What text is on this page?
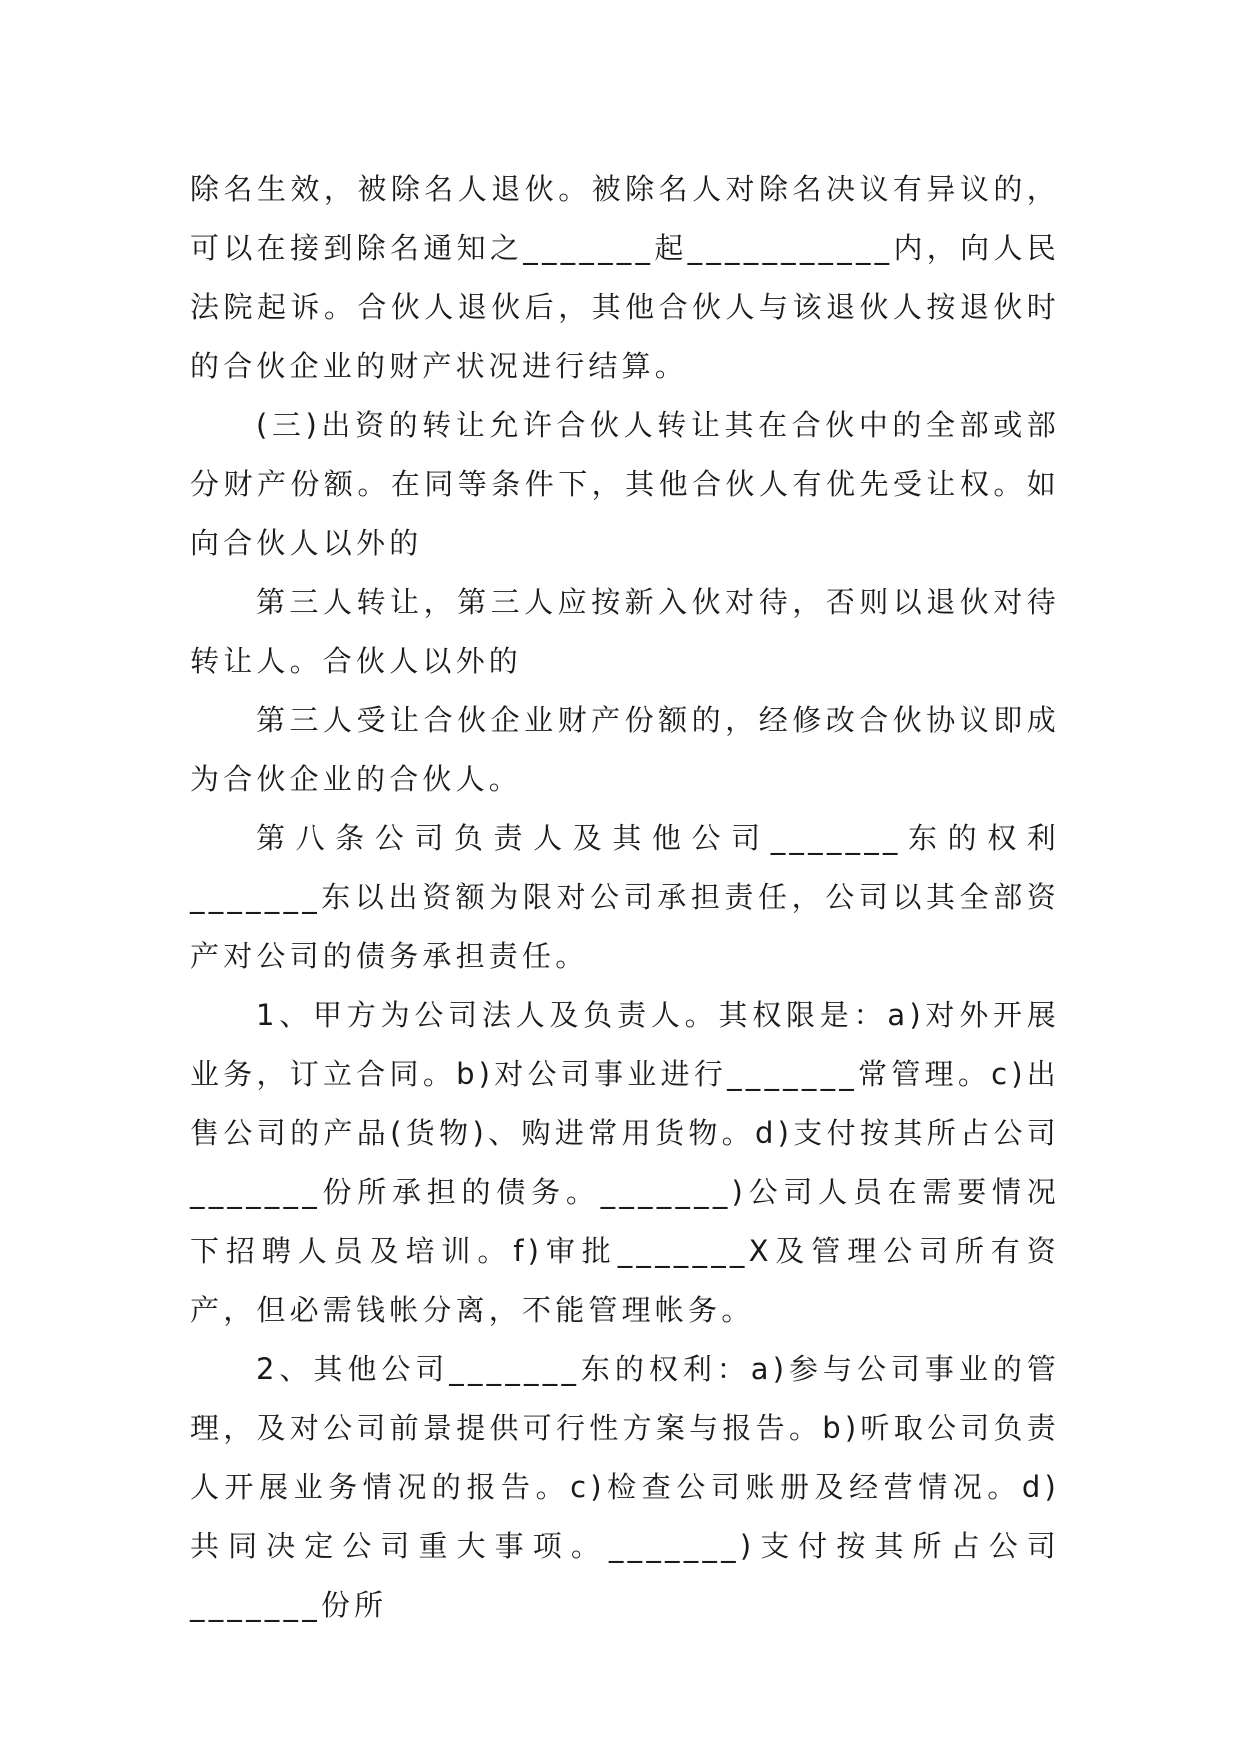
除名生效，被除名人退伙。被除名人对除名决议有异议的，可以在接到除名通知之_______起___________内，向人民法院起诉。合伙人退伙后，其他合伙人与该退伙人按退伙时的合伙企业的财产状况进行结算。

(三)出资的转让允许合伙人转让其在合伙中的全部或部分财产份额。在同等条件下，其他合伙人有优先受让权。如向合伙人以外的

第三人转让，第三人应按新入伙对待，否则以退伙对待转让人。合伙人以外的

第三人受让合伙企业财产份额的，经修改合伙协议即成为合伙企业的合伙人。

第八条公司负责人及其他公司_______东的权利_______东以出资额为限对公司承担责任，公司以其全部资产对公司的债务承担责任。

1、甲方为公司法人及负责人。其权限是：a)对外开展业务，订立合同。b)对公司事业进行_______常管理。c)出售公司的产品(货物)、购进常用货物。d)支付按其所占公司_______份所承担的债务。_______)公司人员在需要情况下招聘人员及培训。f)审批_______X及管理公司所有资产，但必需钱帐分离，不能管理帐务。

2、其他公司_______东的权利：a)参与公司事业的管理，及对公司前景提供可行性方案与报告。b)听取公司负责人开展业务情况的报告。c)检查公司账册及经营情况。d)共同决定公司重大事项。_______)支付按其所占公司_______份所
